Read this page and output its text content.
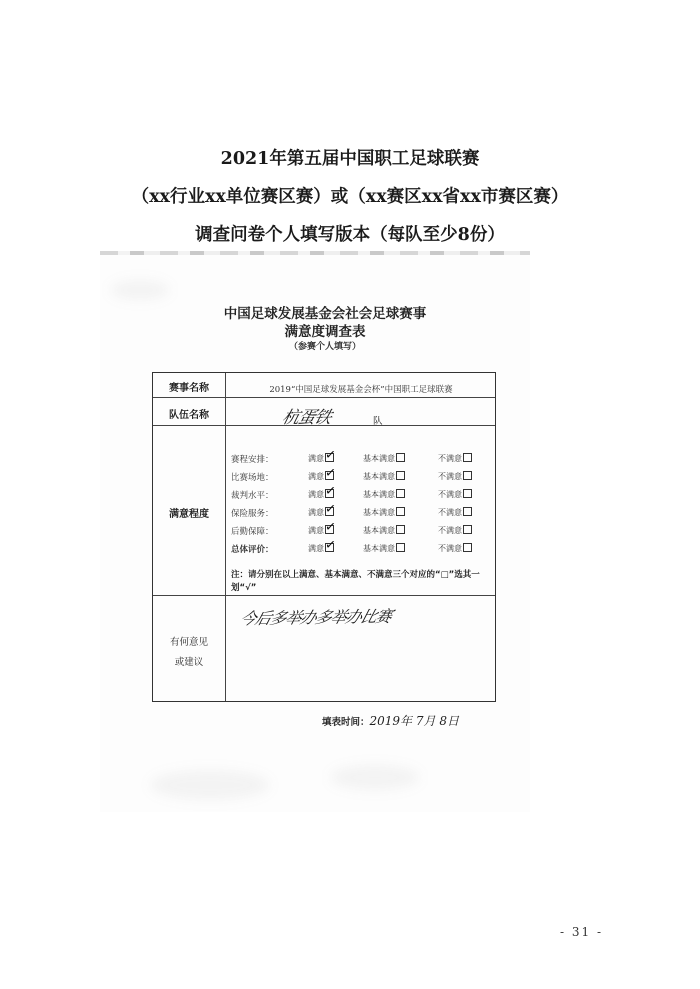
2021年第五届中国职工足球联赛
（xx行业xx单位赛区赛）或（xx赛区xx省xx市赛区赛）
调查问卷个人填写版本（每队至少8份）
中国足球发展基金会社会足球赛事
满意度调查表
（参赛个人填写）
赛事名称	2019“中国足球发展基金会杯”中国职工足球联赛
队伍名称	杭蛋铁	队
满意程度
赛程安排：	满意 ✓	基本满意	不满意
比赛场地：	满意 ✓	基本满意	不满意
裁判水平：	满意 ✓	基本满意	不满意
保险服务：	满意 ✓	基本满意	不满意
后勤保障：	满意 ✓	基本满意	不满意
总体评价：	满意 ✓	基本满意	不满意
注：请分别在以上满意、基本满意、不满意三个对应的“□”选其一划“√”
有何意见
或建议
今后多举办多举办比赛
填表时间：2019年 7月 8日
- 31 -
